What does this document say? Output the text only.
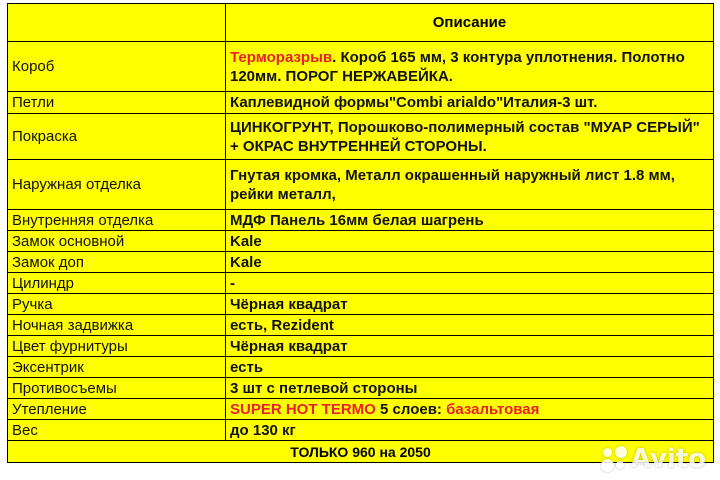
	Описание
Короб	Терморазрыв. Короб 165 мм, 3 контура уплотнения. Полотно 120мм. ПОРОГ НЕРЖАВЕЙКА.
Петли	Каплевидной формы"Combi arialdo"Италия-3 шт.
Покраска	ЦИНКОГРУНТ, Порошково-полимерный состав "МУАР СЕРЫЙ" + ОКРАС ВНУТРЕННЕЙ СТОРОНЫ.
Наружная отделка	Гнутая кромка, Металл окрашенный наружный лист 1.8 мм, рейки металл,
Внутренняя отделка	МДФ Панель 16мм белая шагрень
Замок основной	Kale
Замок доп	Kale
Цилиндр	-
Ручка	Чёрная квадрат
Ночная задвижка	есть, Rezident
Цвет фурнитуры	Чёрная квадрат
Эксентрик	есть
Противосъемы	3 шт с петлевой стороны
Утепление	SUPER HOT TERMO 5 слоев: базальтовая
Вес	до 130 кг
ТОЛЬКО 960 на 2050		Avito
